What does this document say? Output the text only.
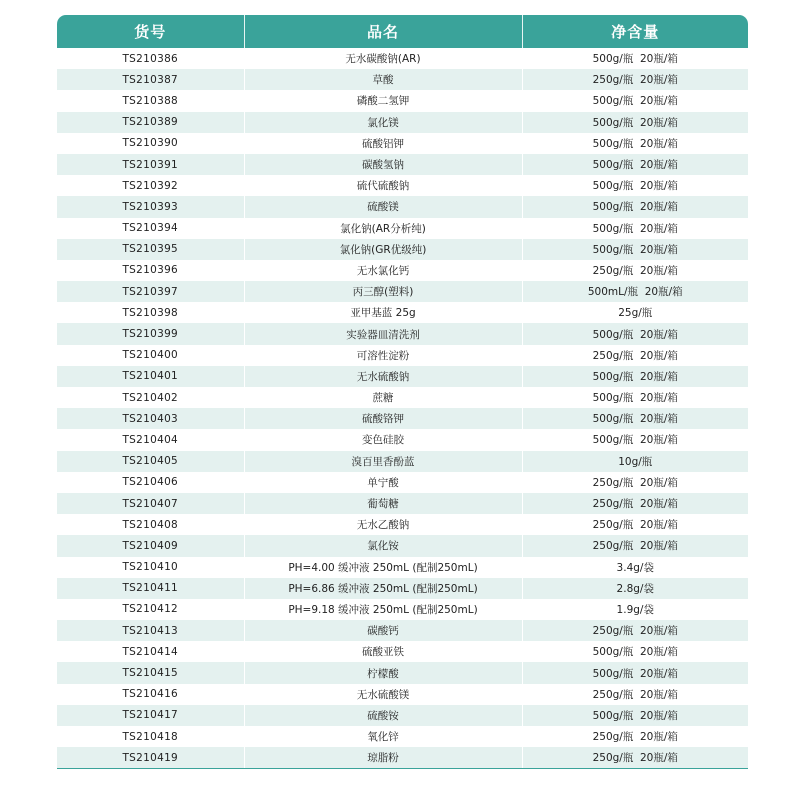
货号	品名	净含量
TS210386	无水碳酸钠(AR)	500g/瓶  20瓶/箱
TS210387	草酸	250g/瓶  20瓶/箱
TS210388	磷酸二氢钾	500g/瓶  20瓶/箱
TS210389	氯化镁	500g/瓶  20瓶/箱
TS210390	硫酸铝钾	500g/瓶  20瓶/箱
TS210391	碳酸氢钠	500g/瓶  20瓶/箱
TS210392	硫代硫酸钠	500g/瓶  20瓶/箱
TS210393	硫酸镁	500g/瓶  20瓶/箱
TS210394	氯化钠(AR分析纯)	500g/瓶  20瓶/箱
TS210395	氯化钠(GR优级纯)	500g/瓶  20瓶/箱
TS210396	无水氯化钙	250g/瓶  20瓶/箱
TS210397	丙三醇(塑料)	500mL/瓶  20瓶/箱
TS210398	亚甲基蓝 25g	25g/瓶
TS210399	实验器皿清洗剂	500g/瓶  20瓶/箱
TS210400	可溶性淀粉	250g/瓶  20瓶/箱
TS210401	无水硫酸钠	500g/瓶  20瓶/箱
TS210402	蔗糖	500g/瓶  20瓶/箱
TS210403	硫酸铬钾	500g/瓶  20瓶/箱
TS210404	变色硅胶	500g/瓶  20瓶/箱
TS210405	溴百里香酚蓝	10g/瓶
TS210406	单宁酸	250g/瓶  20瓶/箱
TS210407	葡萄糖	250g/瓶  20瓶/箱
TS210408	无水乙酸钠	250g/瓶  20瓶/箱
TS210409	氯化铵	250g/瓶  20瓶/箱
TS210410	PH=4.00 缓冲液 250mL (配制250mL)	3.4g/袋
TS210411	PH=6.86 缓冲液 250mL (配制250mL)	2.8g/袋
TS210412	PH=9.18 缓冲液 250mL (配制250mL)	1.9g/袋
TS210413	碳酸钙	250g/瓶  20瓶/箱
TS210414	硫酸亚铁	500g/瓶  20瓶/箱
TS210415	柠檬酸	500g/瓶  20瓶/箱
TS210416	无水硫酸镁	250g/瓶  20瓶/箱
TS210417	硫酸铵	500g/瓶  20瓶/箱
TS210418	氧化锌	250g/瓶  20瓶/箱
TS210419	琼脂粉	250g/瓶  20瓶/箱
